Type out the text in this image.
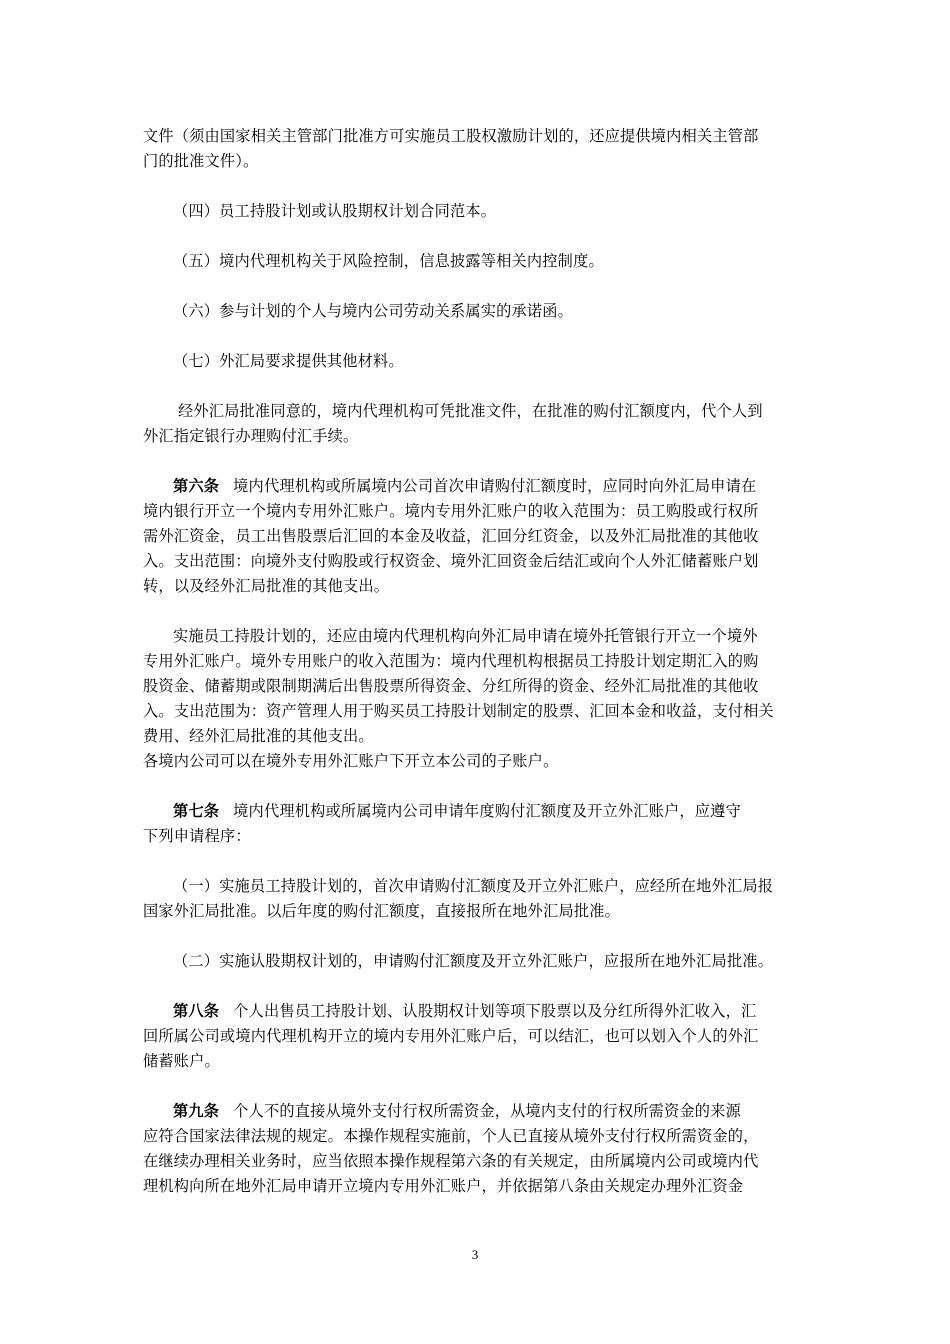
文件（须由国家相关主管部门批准方可实施员工股权激励计划的，还应提供境内相关主管部
门的批准文件）。
（四）员工持股计划或认股期权计划合同范本。
（五）境内代理机构关于风险控制，信息披露等相关内控制度。
（六）参与计划的个人与境内公司劳动关系属实的承诺函。
（七）外汇局要求提供其他材料。
经外汇局批准同意的，境内代理机构可凭批准文件，在批准的购付汇额度内，代个人到
外汇指定银行办理购付汇手续。
第六条 境内代理机构或所属境内公司首次申请购付汇额度时，应同时向外汇局申请在
境内银行开立一个境内专用外汇账户。境内专用外汇账户的收入范围为：员工购股或行权所
需外汇资金，员工出售股票后汇回的本金及收益，汇回分红资金，以及外汇局批准的其他收
入。支出范围：向境外支付购股或行权资金、境外汇回资金后结汇或向个人外汇储蓄账户划
转，以及经外汇局批准的其他支出。
实施员工持股计划的，还应由境内代理机构向外汇局申请在境外托管银行开立一个境外
专用外汇账户。境外专用账户的收入范围为：境内代理机构根据员工持股计划定期汇入的购
股资金、储蓄期或限制期满后出售股票所得资金、分红所得的资金、经外汇局批准的其他收
入。支出范围为：资产管理人用于购买员工持股计划制定的股票、汇回本金和收益，支付相关
费用、经外汇局批准的其他支出。
各境内公司可以在境外专用外汇账户下开立本公司的子账户。
第七条 境内代理机构或所属境内公司申请年度购付汇额度及开立外汇账户，应遵守
下列申请程序：
（一）实施员工持股计划的，首次申请购付汇额度及开立外汇账户，应经所在地外汇局报
国家外汇局批准。以后年度的购付汇额度，直接报所在地外汇局批准。
（二）实施认股期权计划的，申请购付汇额度及开立外汇账户，应报所在地外汇局批准。
第八条 个人出售员工持股计划、认股期权计划等项下股票以及分红所得外汇收入，汇
回所属公司或境内代理机构开立的境内专用外汇账户后，可以结汇，也可以划入个人的外汇
储蓄账户。
第九条 个人不的直接从境外支付行权所需资金，从境内支付的行权所需资金的来源
应符合国家法律法规的规定。本操作规程实施前，个人已直接从境外支付行权所需资金的，
在继续办理相关业务时，应当依照本操作规程第六条的有关规定，由所属境内公司或境内代
理机构向所在地外汇局申请开立境内专用外汇账户，并依据第八条由关规定办理外汇资金
3
